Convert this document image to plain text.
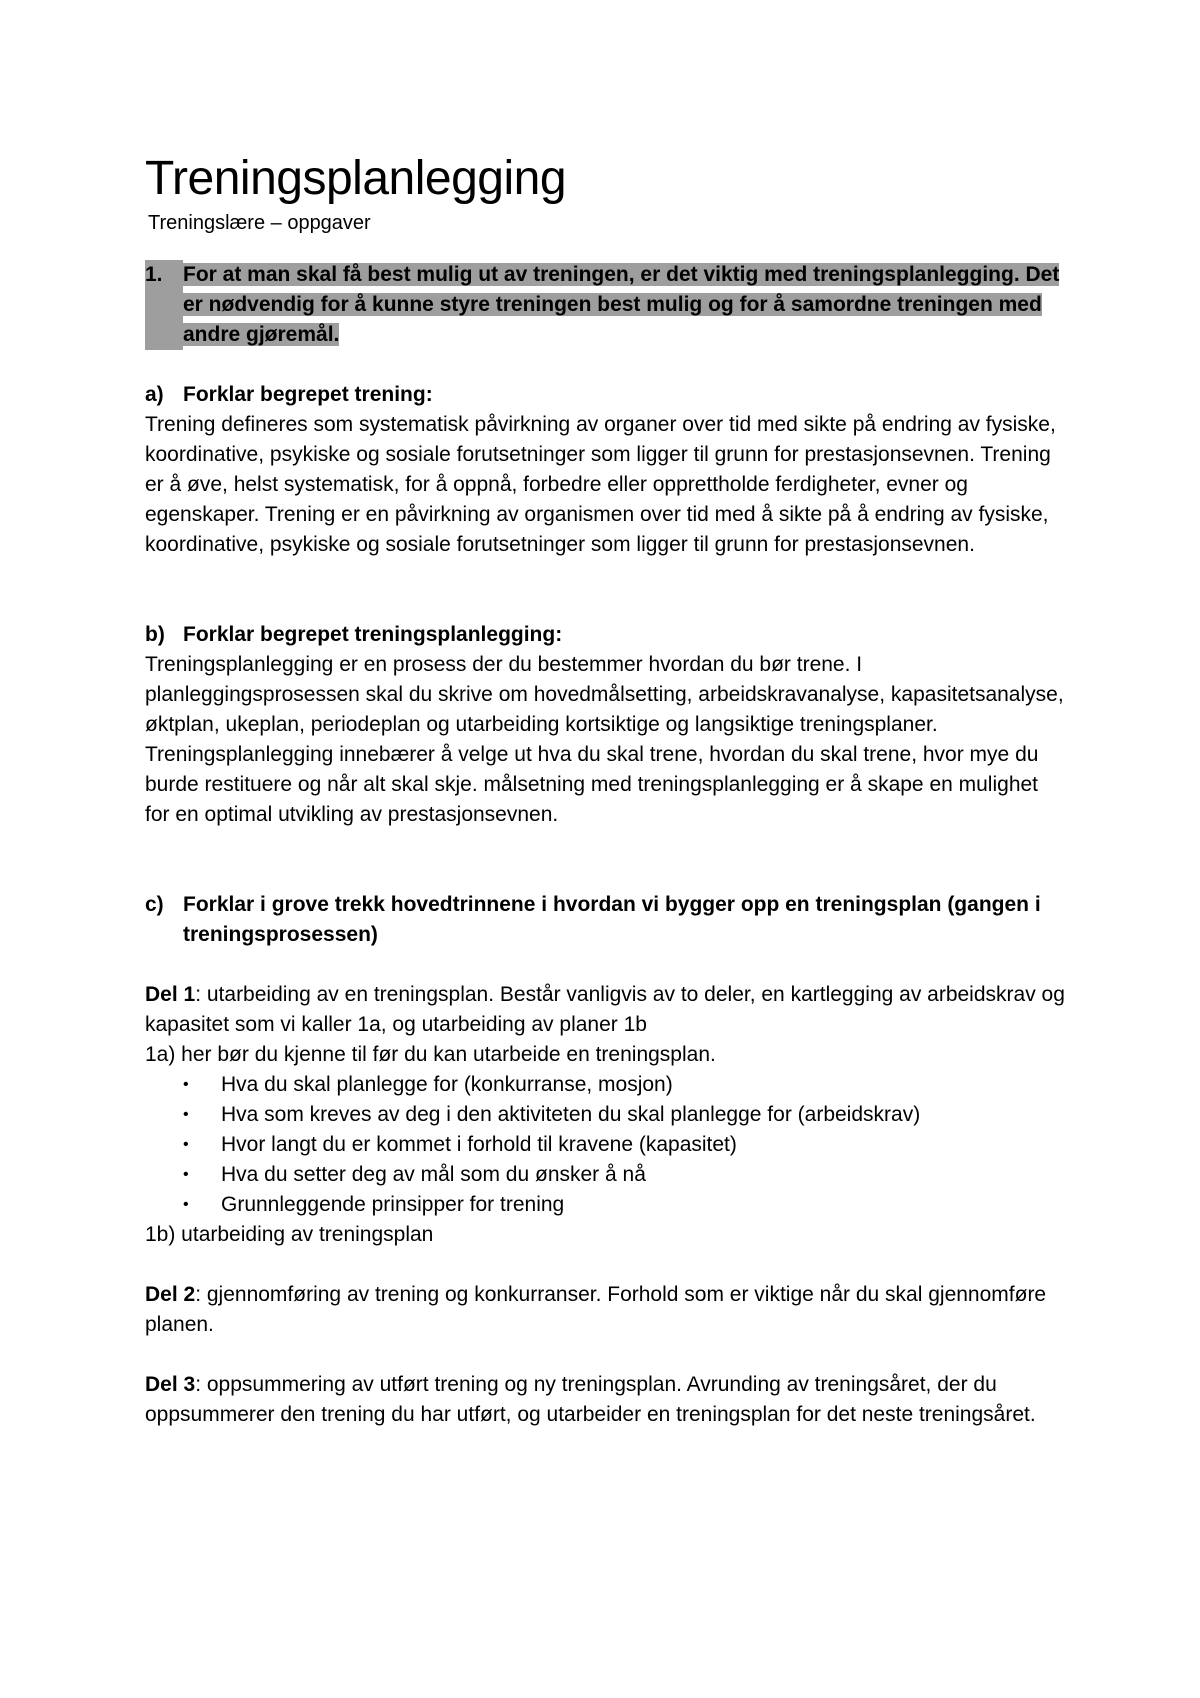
Treningsplanlegging
Treningslære – oppgaver
1. For at man skal få best mulig ut av treningen, er det viktig med treningsplanlegging. Det er nødvendig for å kunne styre treningen best mulig og for å samordne treningen med andre gjøremål.
a) Forklar begrepet trening:

Trening defineres som systematisk påvirkning av organer over tid med sikte på endring av fysiske, koordinative, psykiske og sosiale forutsetninger som ligger til grunn for prestasjonsevnen. Trening er å øve, helst systematisk, for å oppnå, forbedre eller opprettholde ferdigheter, evner og egenskaper. Trening er en påvirkning av organismen over tid med å sikte på å endring av fysiske, koordinative, psykiske og sosiale forutsetninger som ligger til grunn for prestasjonsevnen.

b) Forklar begrepet treningsplanlegging:

Treningsplanlegging er en prosess der du bestemmer hvordan du bør trene. I planleggingsprosessen skal du skrive om hovedmålsetting, arbeidskravanalyse, kapasitetsanalyse, øktplan, ukeplan, periodeplan og utarbeiding kortsiktige og langsiktige treningsplaner. Treningsplanlegging innebærer å velge ut hva du skal trene, hvordan du skal trene, hvor mye du burde restituere og når alt skal skje. målsetning med treningsplanlegging er å skape en mulighet for en optimal utvikling av prestasjonsevnen.

c) Forklar i grove trekk hovedtrinnene i hvordan vi bygger opp en treningsplan (gangen i treningsprosessen)

Del 1: utarbeiding av en treningsplan. Består vanligvis av to deler, en kartlegging av arbeidskrav og kapasitet som vi kaller 1a, og utarbeiding av planer 1b

1a) her bør du kjenne til før du kan utarbeide en treningsplan.

•	Hva du skal planlegge for (konkurranse, mosjon)
•	Hva som kreves av deg i den aktiviteten du skal planlegge for (arbeidskrav)
•	Hvor langt du er kommet i forhold til kravene (kapasitet)
•	Hva du setter deg av mål som du ønsker å nå
•	Grunnleggende prinsipper for trening

1b) utarbeiding av treningsplan

Del 2: gjennomføring av trening og konkurranser. Forhold som er viktige når du skal gjennomføre planen.

Del 3: oppsummering av utført trening og ny treningsplan. Avrunding av treningsåret, der du oppsummerer den trening du har utført, og utarbeider en treningsplan for det neste treningsåret.
